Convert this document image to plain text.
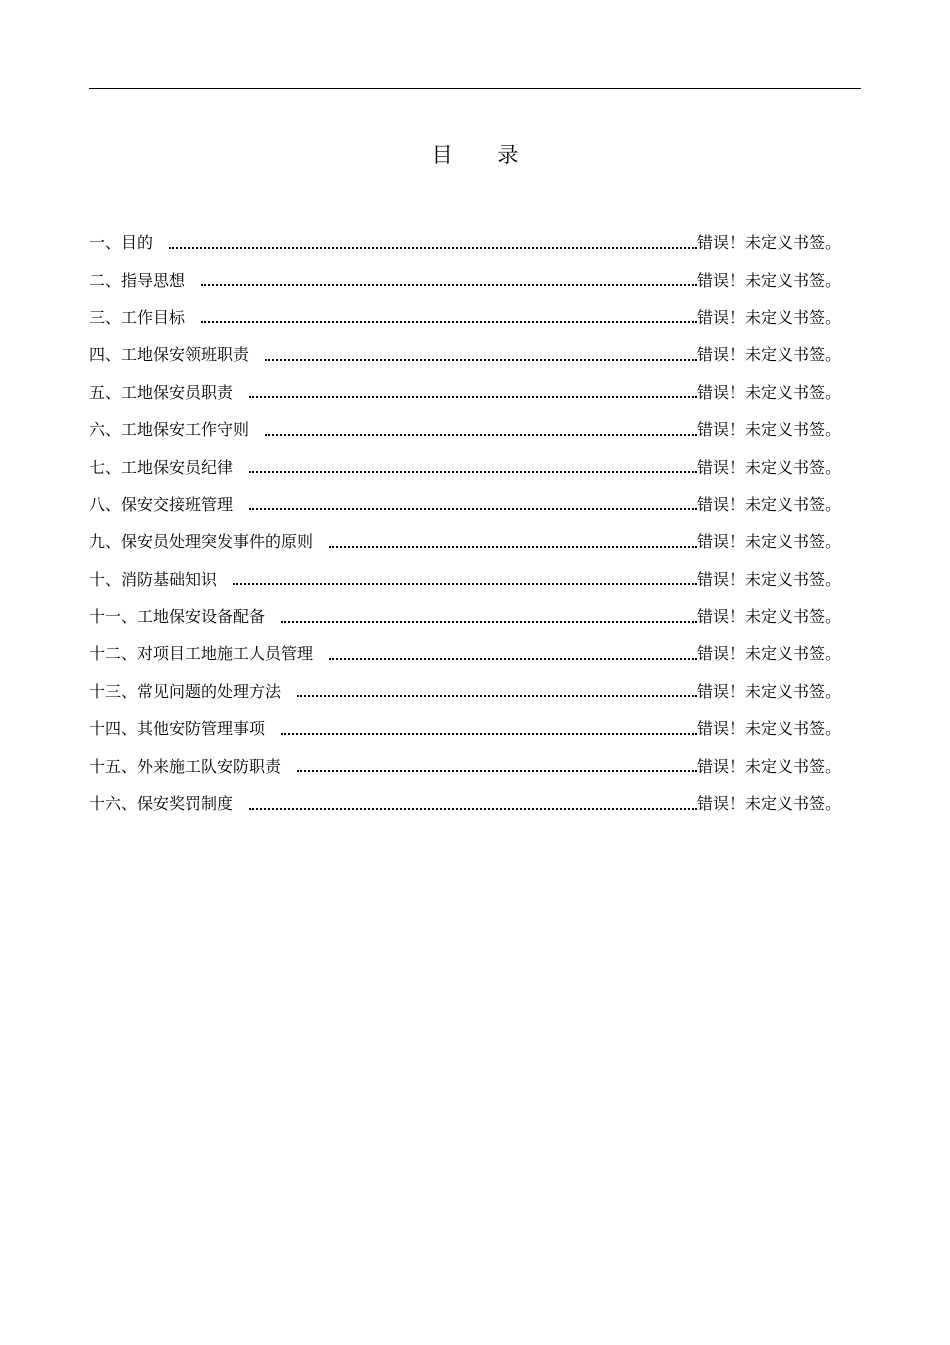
目 录
一、目的	错误！未定义书签。
二、指导思想	错误！未定义书签。
三、工作目标	错误！未定义书签。
四、工地保安领班职责	错误！未定义书签。
五、工地保安员职责	错误！未定义书签。
六、工地保安工作守则	错误！未定义书签。
七、工地保安员纪律	错误！未定义书签。
八、保安交接班管理	错误！未定义书签。
九、保安员处理突发事件的原则	错误！未定义书签。
十、消防基础知识	错误！未定义书签。
十一、工地保安设备配备	错误！未定义书签。
十二、对项目工地施工人员管理	错误！未定义书签。
十三、常见问题的处理方法	错误！未定义书签。
十四、其他安防管理事项	错误！未定义书签。
十五、外来施工队安防职责	错误！未定义书签。
十六、保安奖罚制度	错误！未定义书签。
